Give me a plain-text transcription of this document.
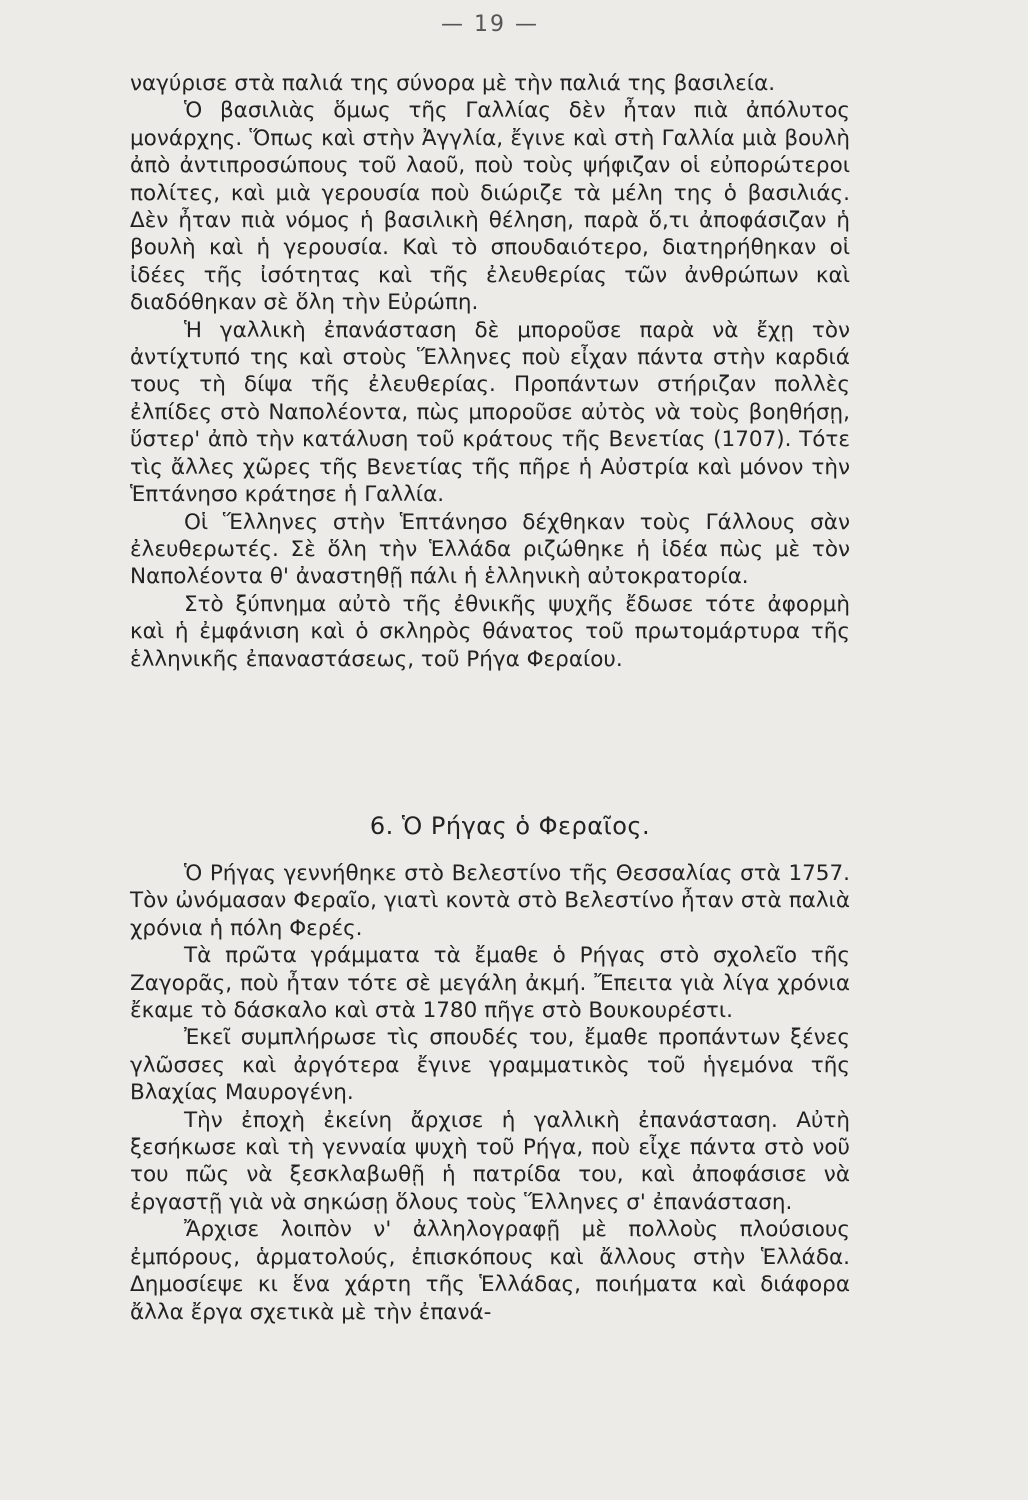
— 19 —

ναγύρισε στὰ παλιά της σύνορα μὲ τὴν παλιά της βασιλεία.

Ὁ βασιλιὰς ὅμως τῆς Γαλλίας δὲν ἦταν πιὰ ἀπόλυτος μονάρχης. Ὅπως καὶ στὴν Ἀγγλία, ἔγινε καὶ στὴ Γαλλία μιὰ βουλὴ ἀπὸ ἀντιπροσώπους τοῦ λαοῦ, ποὺ τοὺς ψήφιζαν οἱ εὐπορώτεροι πολίτες, καὶ μιὰ γερουσία ποὺ διώριζε τὰ μέλη της ὁ βασιλιάς. Δὲν ἦταν πιὰ νόμος ἡ βασιλικὴ θέληση, παρὰ ὅ,τι ἀποφάσιζαν ἡ βουλὴ καὶ ἡ γερουσία. Καὶ τὸ σπουδαιότερο, διατηρήθηκαν οἱ ἰδέες τῆς ἰσότητας καὶ τῆς ἐλευθερίας τῶν ἀνθρώπων καὶ διαδόθηκαν σὲ ὅλη τὴν Εὐρώπη.

Ἡ γαλλικὴ ἐπανάσταση δὲ μποροῦσε παρὰ νὰ ἔχῃ τὸν ἀντίχτυπό της καὶ στοὺς Ἕλληνες ποὺ εἶχαν πάντα στὴν καρδιά τους τὴ δίψα τῆς ἐλευθερίας. Προπάντων στήριζαν πολλὲς ἐλπίδες στὸ Ναπολέοντα, πὼς μποροῦσε αὐτὸς νὰ τοὺς βοηθήσῃ, ὕστερ' ἀπὸ τὴν κατάλυση τοῦ κράτους τῆς Βενετίας (1707). Τότε τὶς ἄλλες χῶρες τῆς Βενετίας τῆς πῆρε ἡ Αὐστρία καὶ μόνον τὴν Ἑπτάνησο κράτησε ἡ Γαλλία.

Οἱ Ἕλληνες στὴν Ἑπτάνησο δέχθηκαν τοὺς Γάλλους σὰν ἐλευθερωτές. Σὲ ὅλη τὴν Ἑλλάδα ριζώθηκε ἡ ἰδέα πὼς μὲ τὸν Ναπολέοντα θ' ἀναστηθῇ πάλι ἡ ἑλληνικὴ αὐτοκρατορία.

Στὸ ξύπνημα αὐτὸ τῆς ἐθνικῆς ψυχῆς ἔδωσε τότε ἀφορμὴ καὶ ἡ ἐμφάνιση καὶ ὁ σκληρὸς θάνατος τοῦ πρωτομάρτυρα τῆς ἑλληνικῆς ἐπαναστάσεως, τοῦ Ρήγα Φεραίου.

6. Ὁ Ρήγας ὁ Φεραῖος.

Ὁ Ρήγας γεννήθηκε στὸ Βελεστίνο τῆς Θεσσαλίας στὰ 1757. Τὸν ὠνόμασαν Φεραῖο, γιατὶ κοντὰ στὸ Βελεστίνο ἦταν στὰ παλιὰ χρόνια ἡ πόλη Φερές.

Τὰ πρῶτα γράμματα τὰ ἔμαθε ὁ Ρήγας στὸ σχολεῖο τῆς Ζαγορᾶς, ποὺ ἦταν τότε σὲ μεγάλη ἀκμή. Ἔπειτα γιὰ λίγα χρόνια ἔκαμε τὸ δάσκαλο καὶ στὰ 1780 πῆγε στὸ Βουκουρέστι.

Ἐκεῖ συμπλήρωσε τὶς σπουδές του, ἔμαθε προπάντων ξένες γλῶσσες καὶ ἀργότερα ἔγινε γραμματικὸς τοῦ ἡγεμόνα τῆς Βλαχίας Μαυρογένη.

Τὴν ἐποχὴ ἐκείνη ἄρχισε ἡ γαλλικὴ ἐπανάσταση. Αὐτὴ ξεσήκωσε καὶ τὴ γενναία ψυχὴ τοῦ Ρήγα, ποὺ εἶχε πάντα στὸ νοῦ του πῶς νὰ ξεσκλαβωθῇ ἡ πατρίδα του, καὶ ἀποφάσισε νὰ ἐργαστῇ γιὰ νὰ σηκώσῃ ὅλους τοὺς Ἕλληνες σ' ἐπανάσταση.

Ἄρχισε λοιπὸν ν' ἀλληλογραφῇ μὲ πολλοὺς πλούσιους ἐμπόρους, ἁρματολούς, ἐπισκόπους καὶ ἄλλους στὴν Ἑλλάδα. Δημοσίεψε κι ἕνα χάρτη τῆς Ἑλλάδας, ποιήματα καὶ διάφορα ἄλλα ἔργα σχετικὰ μὲ τὴν ἐπανά-
